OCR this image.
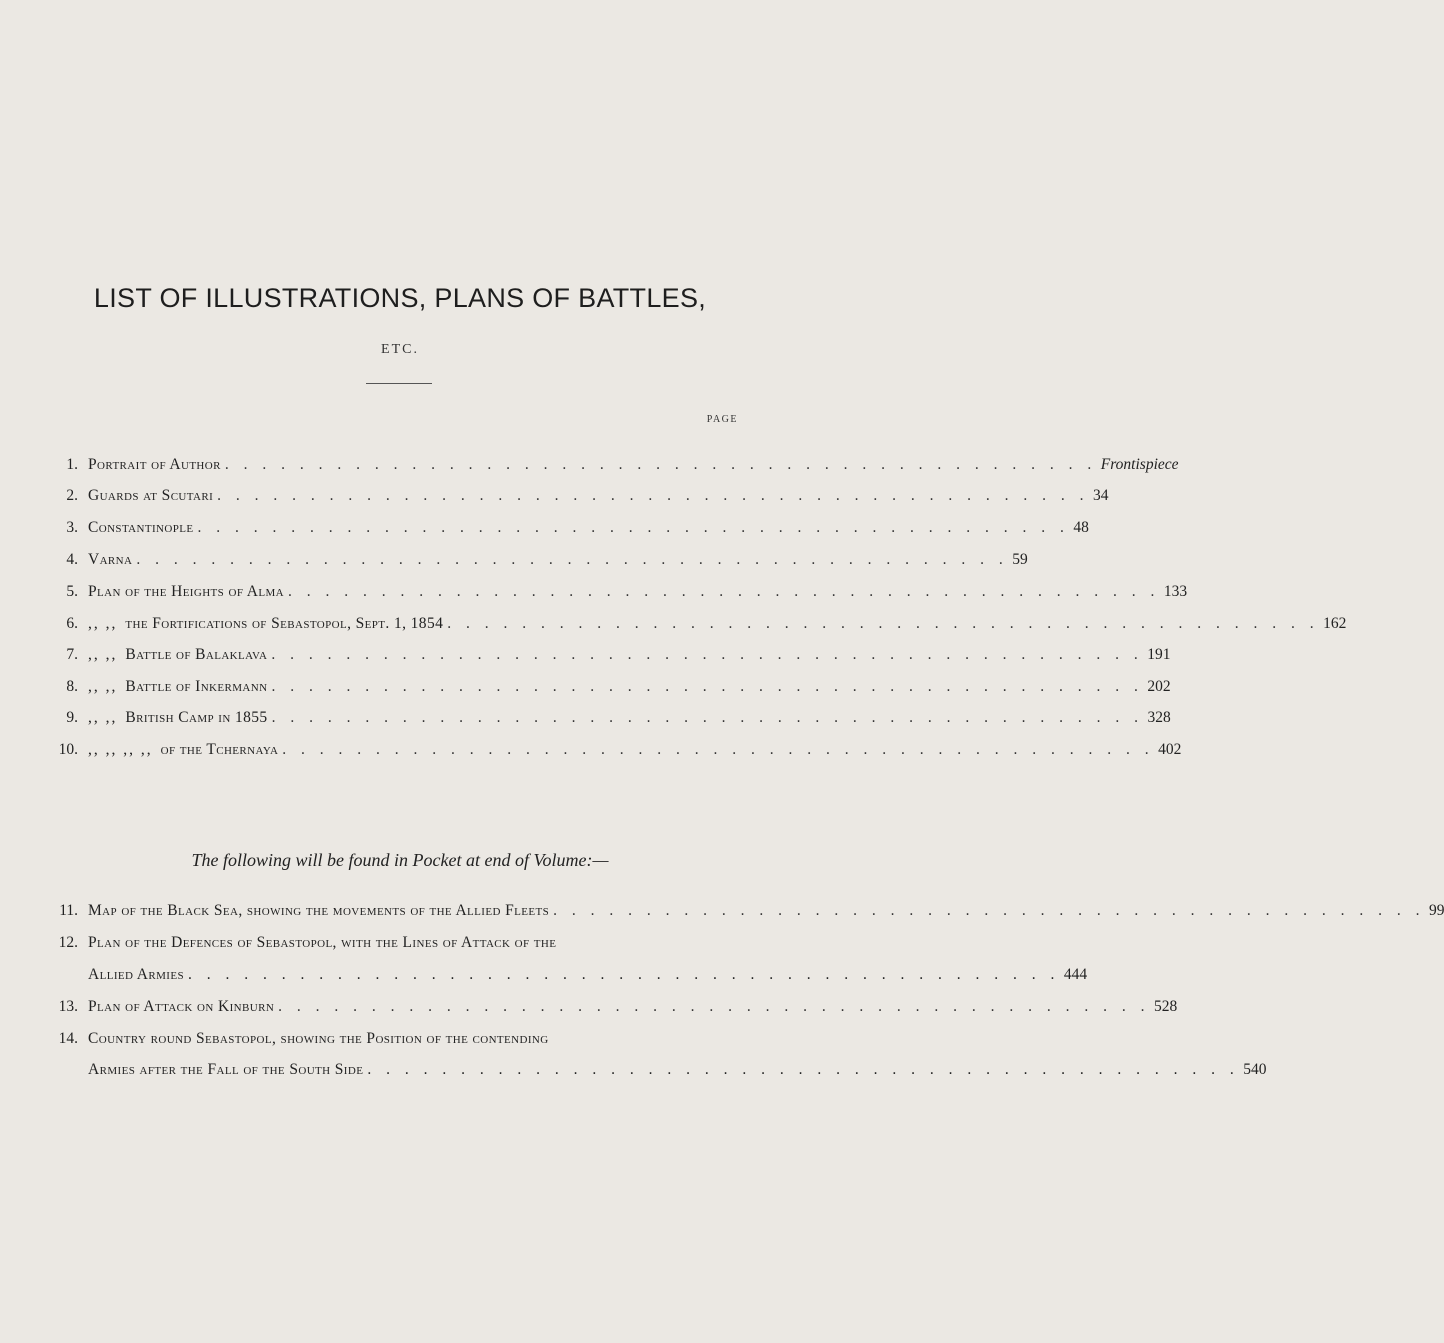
LIST OF ILLUSTRATIONS, PLANS OF BATTLES,
ETC.
PAGE
1. Portrait of Author . . . . . . . . . . . . . . . . . . . . . . . . . . . . . . . . . . . . . . . . . . . . . . . Frontispiece
2. Guards at Scutari . . . . . . . . . . . . . . . . . . . . . . . . . . . . . . . . . . . . . . . . . . . . . . . 34
3. Constantinople . . . . . . . . . . . . . . . . . . . . . . . . . . . . . . . . . . . . . . . . . . . . . . . 48
4. Varna . . . . . . . . . . . . . . . . . . . . . . . . . . . . . . . . . . . . . . . . . . . . . . . 59
5. Plan of the Heights of Alma . . . . . . . . . . . . . . . . . . . . . . . . . . . . . . . . . . . . . . . . . . . . . . . 133
6. ,, ,, the Fortifications of Sebastopol, Sept. 1, 1854 . . . . . . . . . . . . . . . . . . . . . . . . . . . . . . . . . . . . . . . . . . . . . . . 162
7. ,, ,, Battle of Balaklava . . . . . . . . . . . . . . . . . . . . . . . . . . . . . . . . . . . . . . . . . . . . . . . 191
8. ,, ,, Battle of Inkermann . . . . . . . . . . . . . . . . . . . . . . . . . . . . . . . . . . . . . . . . . . . . . . . 202
9. ,, ,, British Camp in 1855 . . . . . . . . . . . . . . . . . . . . . . . . . . . . . . . . . . . . . . . . . . . . . . . 328
10. ,, ,, ,, ,, of the Tchernaya . . . . . . . . . . . . . . . . . . . . . . . . . . . . . . . . . . . . . . . . . . . . . . . 402
The following will be found in Pocket at end of Volume:—
11. Map of the Black Sea, showing the movements of the Allied Fleets . . . . . . . . . . . . . . . . . . . . . . . . . . . . . . . . . . . . . . . . . . . . . . . 99
12. Plan of the Defences of Sebastopol, with the Lines of Attack of the
Allied Armies . . . . . . . . . . . . . . . . . . . . . . . . . . . . . . . . . . . . . . . . . . . . . . . 444
13. Plan of Attack on Kinburn . . . . . . . . . . . . . . . . . . . . . . . . . . . . . . . . . . . . . . . . . . . . . . . 528
14. Country round Sebastopol, showing the Position of the contending
Armies after the Fall of the South Side . . . . . . . . . . . . . . . . . . . . . . . . . . . . . . . . . . . . . . . . . . . . . . . 540
